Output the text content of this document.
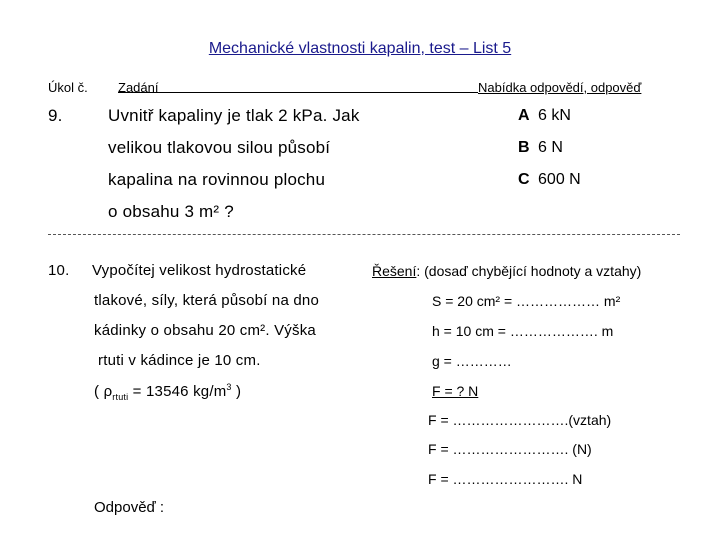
Mechanické vlastnosti kapalin, test – List 5
Úkol č. Zadání	Nabídka odpovědí, odpověď
9.	Uvnitř kapaliny je tlak 2 kPa. Jak
velikou tlakovou silou působí
kapalina na rovinnou plochu
o obsahu 3 m² ?
A 6 kN
B 6 N
C 600 N
10. Vypočítej velikost hydrostatické
tlakové, síly, která působí na dno
kádinky o obsahu 20 cm². Výška
rtuti v kádince je 10 cm.
( $\rho_{rtuti} = 13546$ $kg/m^3$ )
Řešení: (dosaď chybějící hodnoty a vztahy)
S = 20 cm² = ……………… m²
h = 10 cm = ………………. m
g = …………
F = ? N
F = …………………….(vztah)
F = ……………………. (N)
F = ……………………. N
Odpověď :
